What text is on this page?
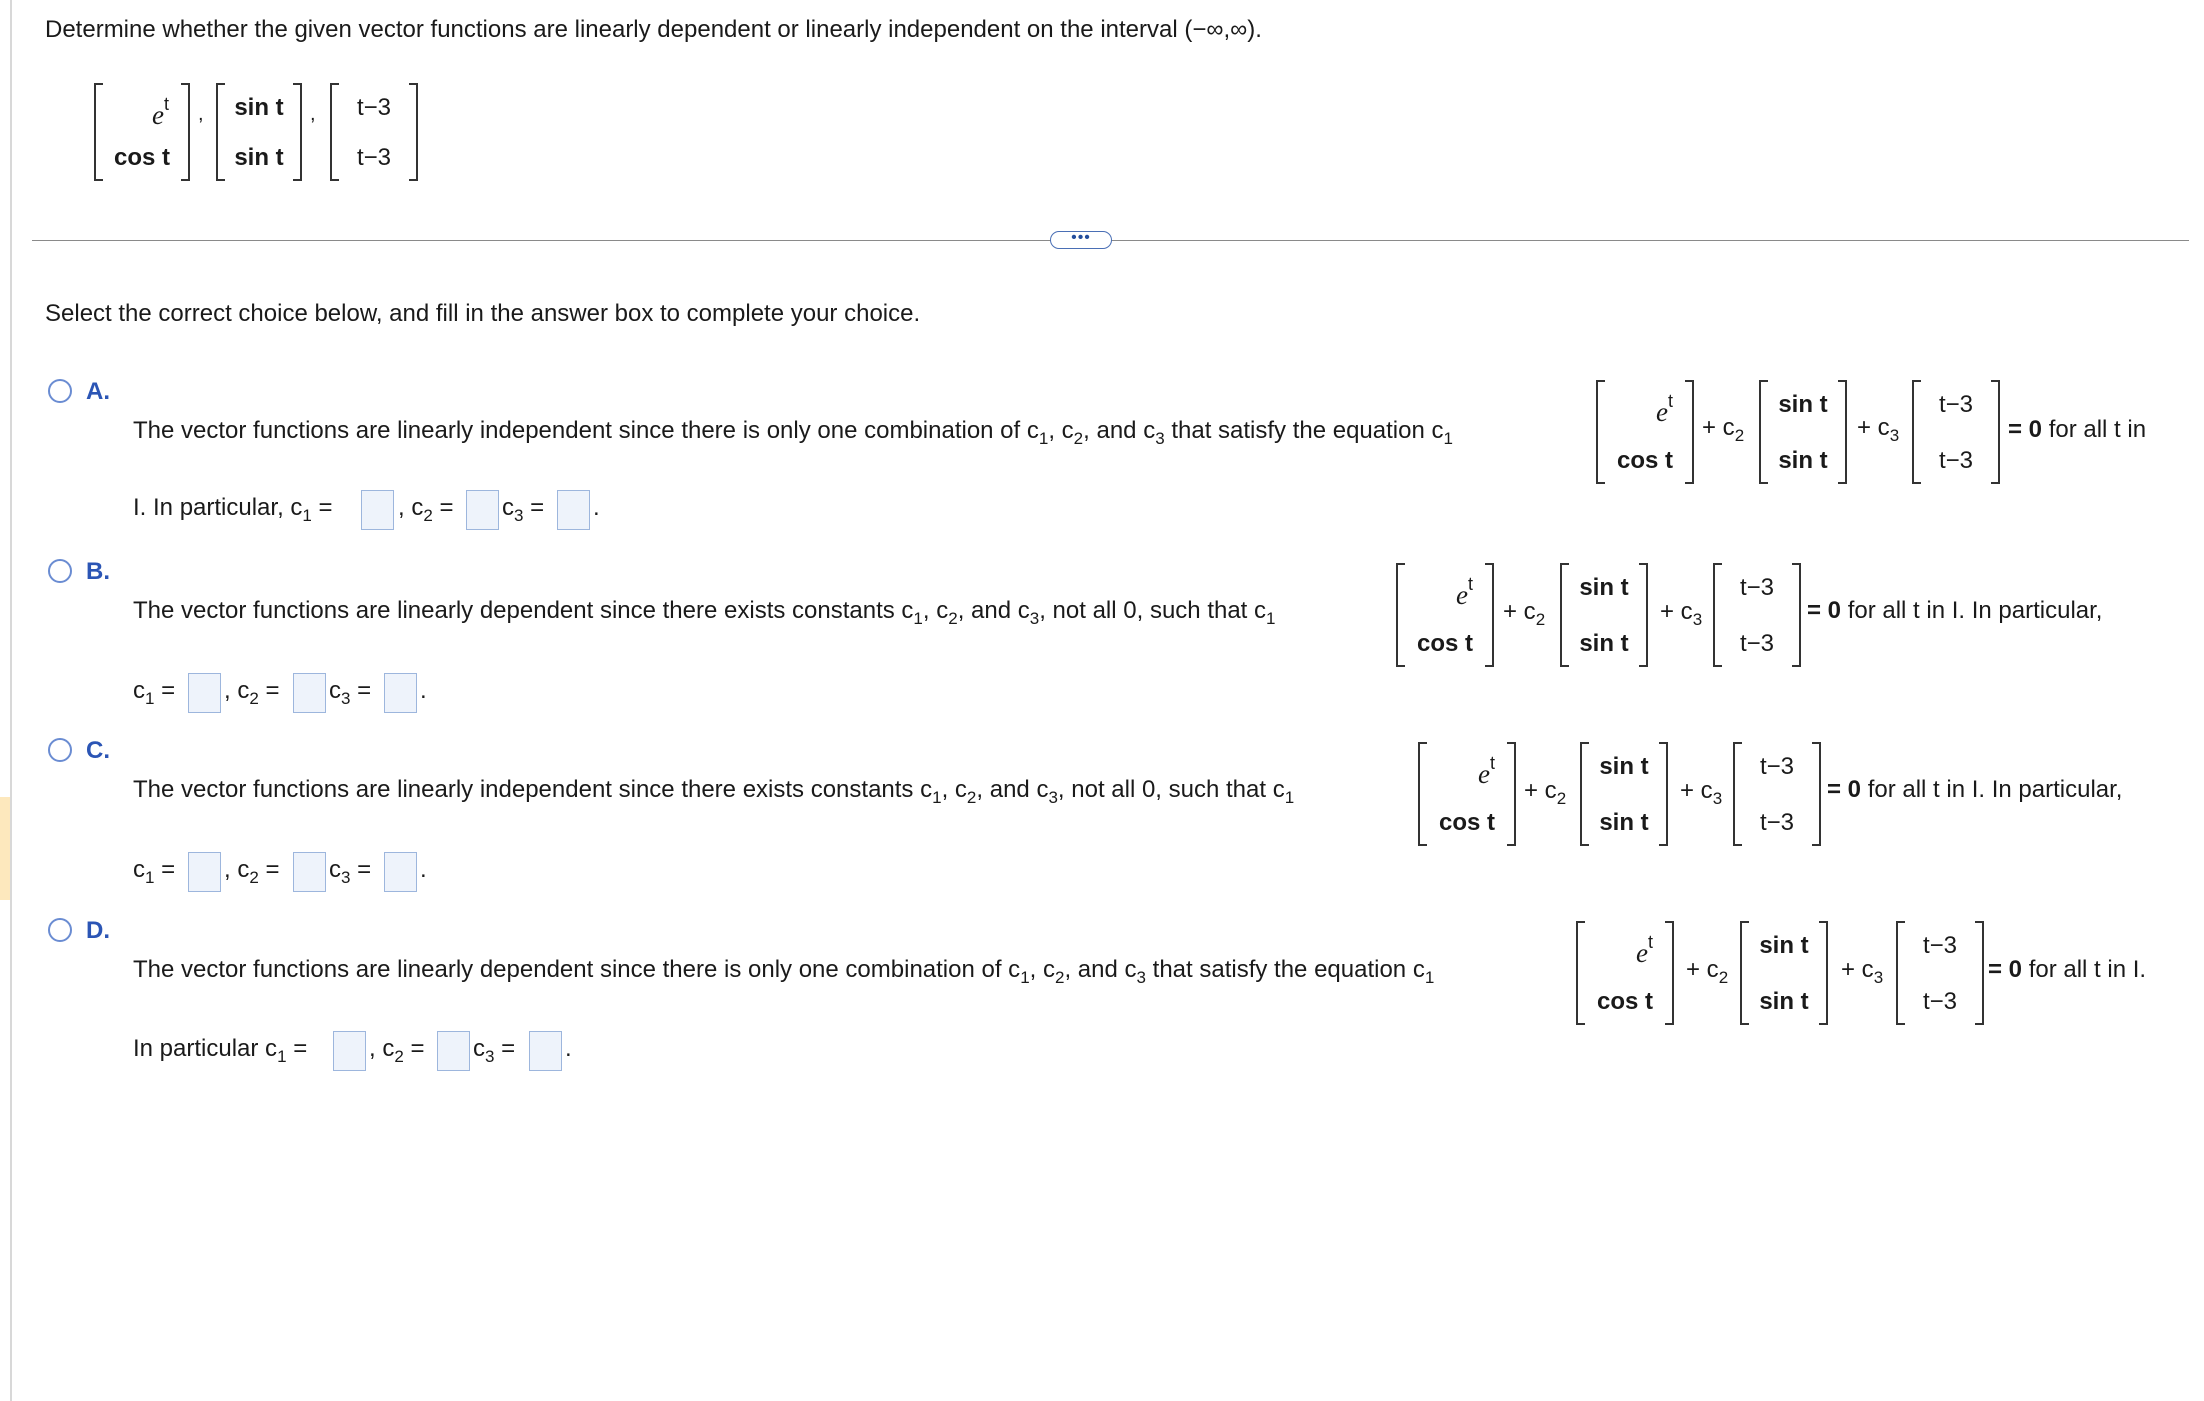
Determine whether the given vector functions are linearly dependent or linearly independent on the interval (−∞,∞).
$e^t$
cos t
,	sin t
sin t
,	t−3
t−3
•••
Select the correct choice below, and fill in the answer box to complete your choice.
A.
The vector functions are linearly independent since there is only one combination of $c_1$, $c_2$, and $c_3$ that satisfy the equation $c_1$
$e^t$
cos t
+ $c_2$
sin t
sin t
+ $c_3$
t−3
t−3
= 0 for all t in
I. In particular, $c_1$ =	, $c_2 = c_3$ = .
B.
The vector functions are linearly dependent since there exists constants $c_1$, $c_2$, and $c_3$, not all 0, such that $c_1$
$e^t$
cos t
+ $c_2$
sin t
sin t
+ $c_3$
t−3
t−3
= 0 for all t in I. In particular,
$c_1$ = , $c_2 = c_3$ = .
C.
The vector functions are linearly independent since there exists constants $c_1$, $c_2$, and $c_3$, not all 0, such that $c_1$
$e^t$
cos t
+ $c_2$
sin t
sin t
+ $c_3$
t−3
t−3
= 0 for all t in I. In particular,
$c_1$ = , $c_2 = c_3$ = .
D.
The vector functions are linearly dependent since there is only one combination of $c_1$, $c_2$, and $c_3$ that satisfy the equation $c_1$
$e^t$
cos t
+ $c_2$
sin t
sin t
+ $c_3$
t−3
t−3
= 0 for all t in I.
In particular $c_1$ =	, $c_2 = c_3$ = .
